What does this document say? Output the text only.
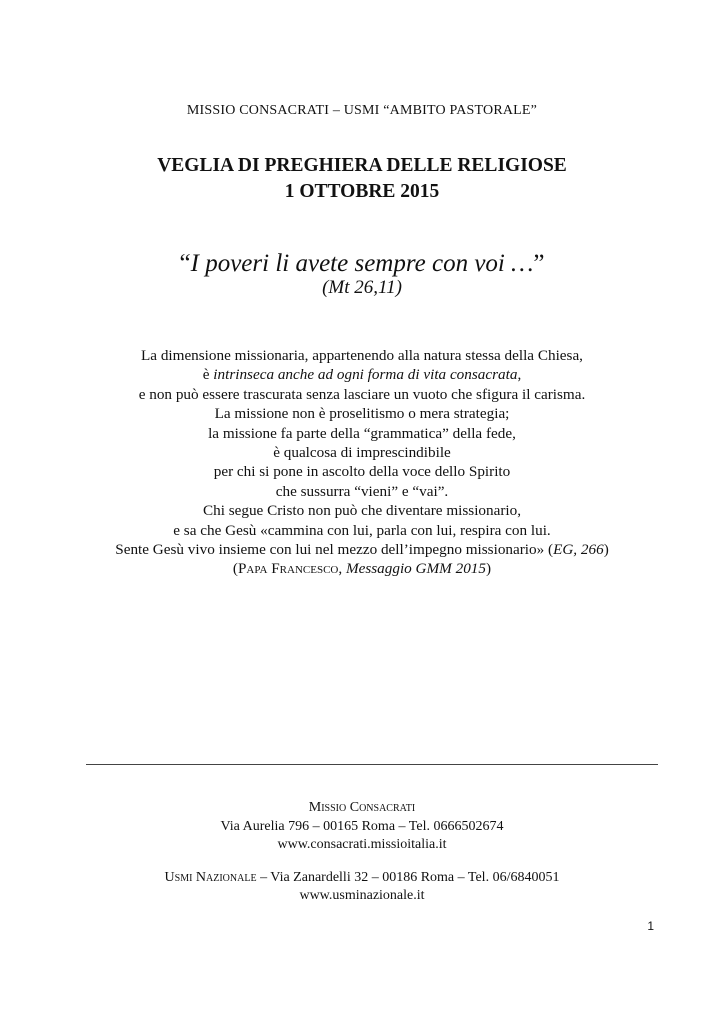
MISSIO CONSACRATI – USMI “AMBITO PASTORALE”
VEGLIA DI PREGHIERA DELLE RELIGIOSE
1 OTTOBRE 2015
“I poveri li avete sempre con voi …”
(Mt 26,11)
La dimensione missionaria, appartenendo alla natura stessa della Chiesa,
è intrinseca anche ad ogni forma di vita consacrata,
e non può essere trascurata senza lasciare un vuoto che sfigura il carisma.
La missione non è proselitismo o mera strategia;
la missione fa parte della “grammatica” della fede,
è qualcosa di imprescindibile
per chi si pone in ascolto della voce dello Spirito
che sussurra “vieni” e “vai”.
Chi segue Cristo non può che diventare missionario,
e sa che Gesù «cammina con lui, parla con lui, respira con lui.
Sente Gesù vivo insieme con lui nel mezzo dell’impegno missionario» (EG, 266)
(Papa Francesco, Messaggio GMM 2015)
Missio Consacrati
Via Aurelia 796 – 00165 Roma – Tel. 0666502674
www.consacrati.missioitalia.it
Usmi Nazionale – Via Zanardelli 32 – 00186 Roma – Tel. 06/6840051
www.usminazionale.it
1
